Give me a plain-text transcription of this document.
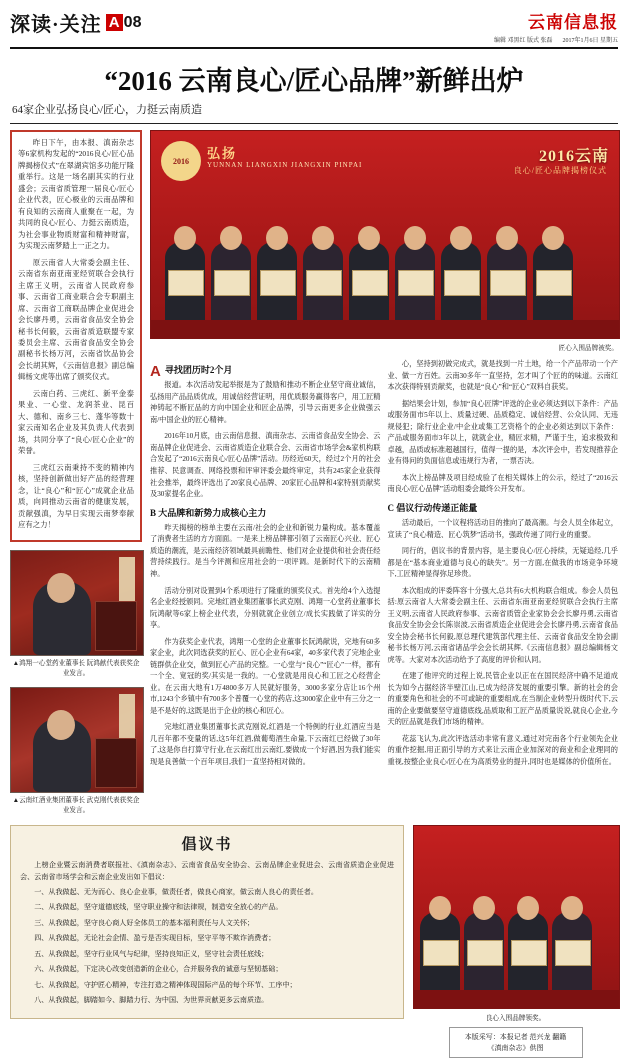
深读·关注 A 08	云南信息报
编辑 邓黑红 版式 张磊 2017年1月6日 星期五
“2016 云南良心/匠心品牌”新鲜出炉
64家企业弘扬良心/匠心，力挺云南质造

昨日下午，由本报、滇南杂志等6家机构发起的“2016良心/匠心品牌揭榜仪式”在翠湖宾馆多功能厅隆重举行。这是一场名副其实的行业盛会；云南省质管理一届良心/匠心企业代表，匠心极业的云南品牌和有良知的云南商人重聚在一起，为共同的良心/匠心、力挺云南质造，为社会事业物质财富和精神财富，为实现云南梦踏上一正之力。

原云南省人大常委会副主任、云南省东南亚南亚经贸联合会执行主席王义明，云南省人民政府参事、云南省工商业联合会专职副主席、云南省工商联品牌企业促进会会长廖丹勇，云南省食品安全协会秘书长何毅，云南省质造联盟专家委员会主席、云南省食品安全协会副秘书长杨万河，云南省饮品协会会长胡其辉，《云南信息报》副总编辑杨文虎等出席了颁奖仪式。

云南白药、三虎红、新平金泰果业、一心堂、龙润茶业、昆百大、德和、南乡三七、蓬华等数十家云南知名企业及其负责人代表到场，共同分享了“良心/匠心企业”的荣誉。

三虎红云南秉持不变的精神内核，坚持创新做出好产品的经营理念，让“良心”和“匠心”成就企业品质，向同推动云南省的健康发展，贡献强滇，为早日实现云南梦奉献应有之力！

▲鸿翔一心堂药业董事长 阮鸿献代表获奖企业发言。
▲云南红酒业集团董事长 武克刚代表获奖企业发言。
2016	弘扬
YUNNAN LIANGXIN JIANGXIN PINPAI	2016云南
良心/匠心品牌揭榜仪式
匠心入围品牌被奖。
A 寻找团历时2个月

报道。本次活动发起举报是为了鼓励和推动不断企业坚守商业诚信，弘扬用产品品质优成，用诚信经营证明，用优质服务赢得客户，用工匠精神铸起不断匠品的方向中国企业和匠企品牌，引导云南更多企业做强云南/中国企业的匠心精神。

2016年10月底，由云南信息报、滇南杂志、云南省食品安全协会、云南品牌企业促进会、云南省质造企业联合会、云南省市场学会&家机构联合发起了“2016云南良心/匠心品牌”活动。历经近60天，经过2个月的社会推荐、民意调查、网络投票和评审评委会最终审定，共有245家企业获得社会推举，最终评选出了20家良心品牌、20家匠心品牌和4家特别贡献奖及30家提名企业。

B 大品牌和新势力成核心主力

昨天揭榜的榜单主要在云南/社会的企业和新锐力量构成。基本覆盖了消费者生活的方方面面。一是来上榜品牌都引领了云南匠心兴业、匠心质造的潮流，是云南经济领域最具前瞻性、他们对企业提供和社会责任经营持续践行。是当今评测和应用社会的一项评调。是新时代下的云南精神。

活动分别对设置到4个系项进行了隆重的颁奖仪式。首先给4个入选提名企业经授颁同。完地红酒业集团董事长武克刚、鸿翔一心堂药业董事长阮鸿献等6家上榜企业代表，分别就就企业创立/成长实践做了详实的分享。

作为获奖企业代表，鸿翔一心堂的企业董事长阮鸿献说，完地有60多家企业，此次同选获奖的匠心、匠心企业有64家，40多家代表了完地企业链群供企业交，做到匠心产品的完整。一心堂与“良心”“匠心”一样，都有一个全、宽冠的奖/其实是一我的。一心堂就是用良心和工匠之心经营企业。在云南大地有1万4800多万人民就好服务，3000多家分店让16个州市,1243个乡镇中有700多个普覆一心堂的药店,这3000家企业中有三分之一是不是好的,这既是出于企业的核心和匠心。

完地红酒业集团董事长武克刚说,红酒是一个特例的行业,红酒应当是几百年都不变量的话,这5年红酒,做葡萄酒生命量,下云南红已经做了30年了,这是你自打算守行业,在云南红出云南红,要做成一个好酒,因为我们能实现是良善做一个百年项目,我们一直坚持相对做的。

心，坚持到初做完成式，就是找到一片土地，给一个产品带动一个产业、做一方百姓。云南30多年一直坚持，怎才叫了个匠的的味道。云南红本次获得特别贡献奖，也就是“良心”和“匠心”双料自获奖。

据结果会计划，参加“良心匠牌”评选的企业必须达到以下条件：产品或服务面市5年以上、质量过硬、品质稳定、诚信经营、公众认同、无违规侵犯；除行业企业/中企业或集工艺资格个的企业必须达到以下条件：产品或服务面市3年以上，就就企业，精匠求精，严谨于生，追求极致和卓越，品质或标准超越国行，值得一提的是，本次评会中，若发现推荐企业有得问的负面信息或违规行为者，一票否决。

本次上榜品牌及项目经成验了在相关媒体上的公示，经过了“2016云南良心/匠心品牌”活动组委会最终公开发布。

C 倡议行动传递正能量

活动最后，一个议程将活动目的推向了最高潮。与会人员全体起立，宣读了“良心精造、匠心筑梦”活动书，强政传递了同行业的重要。

同行的，倡议书的背景内容，是主要良心/匠心持续，无疑追经,几乎都是在“基本商业道德与良心的缺失”。另一方面,在做我的市场竞争环境下,工匠精神显得弥足珍贵。

本次组成的评委阵容十分强大,总共有6大机构联合组成。参会人员包括:原云南省人大常委会副主任、云南省东南亚南亚经贸联合会执行主席王义明,云南省人民政府参事、云南省质管企业家协会会长廖丹勇,云南省食品安全协会会长陈崇波,云南省质造企业促进会会长廖丹勇,云南省食品安全协会秘书长何毅,原总理代建筑部代理主任、云南省食品安全协会副秘书长杨万河,云南省诸品学会会长胡其辉,《云南信息报》副总编辑杨文虎等。大家对本次活动给予了高度的评价和认同。

在建了他评究的过程上说,民管企业以正在在国民经济中确不足道成长为如今占据经济半壁江山,已成为经济发展的重要引擎。新的社会的会的重要角色和社会的不可或缺的重要组成,在当制企业转型升级时代下,云南的企业要做要坚守道德底线,品质取和工匠产品质量说说,就良心企业,今天的匠品就是我们市场的精神。

花蕊飞认为,此次评选活动非常有意义,通过对完南各个行业领先企业的重作挖掘,用正面引导的方式来让云南企业加深对的商业和企业理同的重视,按整企业良心/匠心在为高质势业的提升,同时也是媒体的价值所在。

倡议书

上榜企业暨云南消费者联报社、《滇南杂志》、云南省食品安全协会、云南品牌企业促进会、云南省质造企业促进会、云南省市场学会和云南企业发出如下倡议：

一、从我做起、无为而心、良心企业事，做责任者，做良心商家，做云南人良心的责任者。

二、从我做起，坚守道德底线，坚守职业操守和法律规，制造安全放心的产品。

三、从我做起，坚守良心商人好全体员工的基本福利责任与人文关怀；

四、从我做起，无论社会企情、盈亏是否实现目标，坚守平等不欺诈消费者；

五、从我做起，坚守行业风气与纪律，坚持良知正义，坚守社会责任底线；

六、从我做起，下定决心改变创造新的企业心，合并服务我的诚意与坚韧基础；

七、从我做起，守护匠心精神，专注打造之精神体现国际产品的每个环节、工序中；

八、从我做起，脚踏如今、脚踏力行、为中国、为世界贡献更多云南质造。

良心入围品牌领奖。
本版采写：本报记者 范兴龙 翻籍
《滇南杂志》供图
